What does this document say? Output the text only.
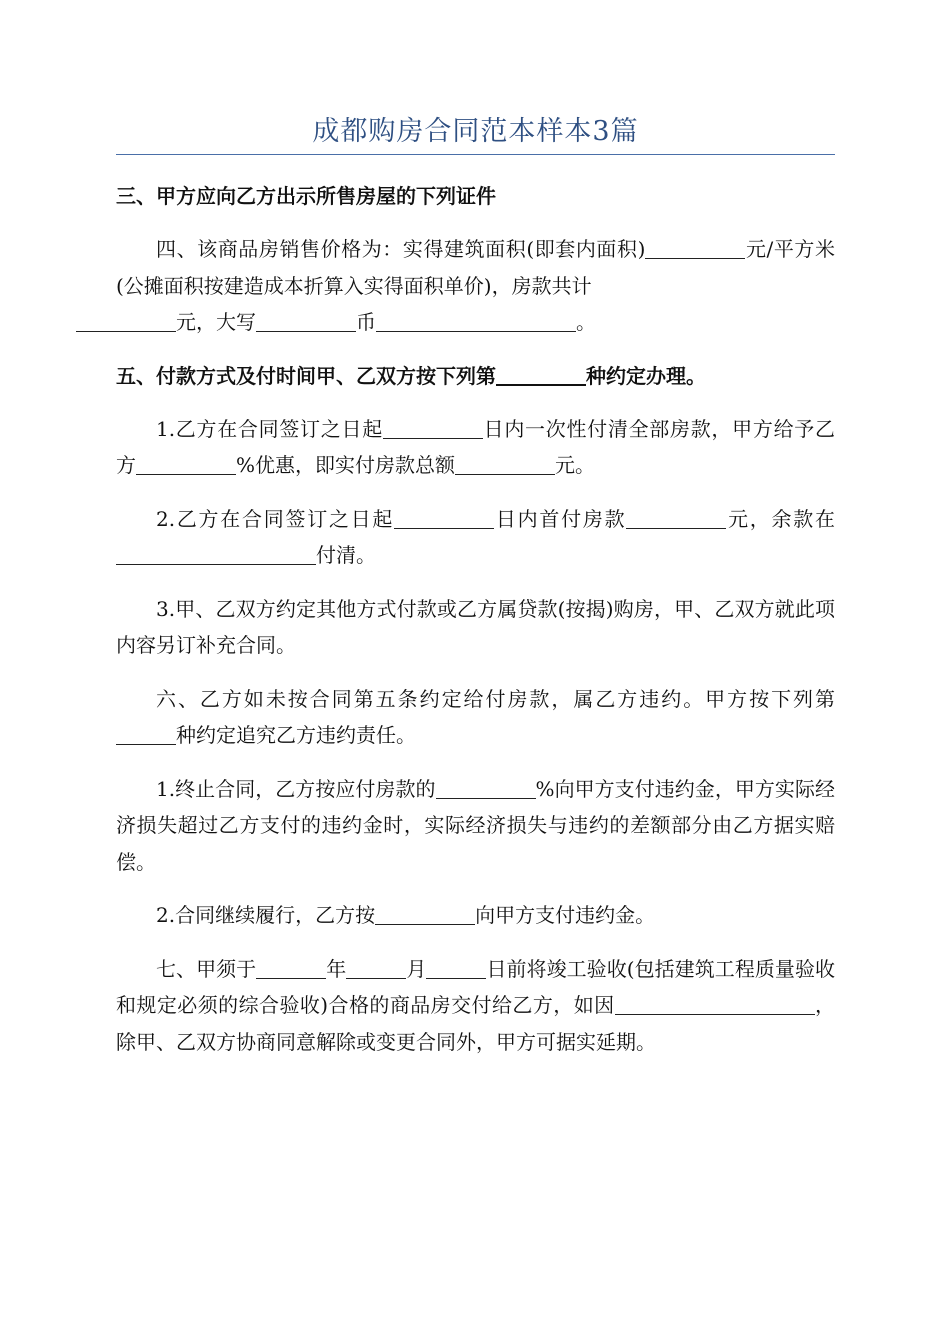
成都购房合同范本样本3篇

三、甲方应向乙方出示所售房屋的下列证件

四、该商品房销售价格为：实得建筑面积(即套内面积)	元/平方米(公摊面积按建造成本折算入实得面积单价)，房款共计
元，大写	币	。

五、付款方式及付时间甲、乙双方按下列第	种约定办理。

1.乙方在合同签订之日起	日内一次性付清全部房款，甲方给予乙方	%优惠，即实付房款总额	元。

2.乙方在合同签订之日起	日内首付房款	元，余款在付清。

3.甲、乙双方约定其他方式付款或乙方属贷款(按揭)购房，甲、乙双方就此项内容另订补充合同。

六、乙方如未按合同第五条约定给付房款，属乙方违约。甲方按下列第种约定追究乙方违约责任。

1.终止合同，乙方按应付房款的	%向甲方支付违约金，甲方实际经济损失超过乙方支付的违约金时，实际经济损失与违约的差额部分由乙方据实赔偿。

2.合同继续履行，乙方按	向甲方支付违约金。

七、甲须于	年	月	日前将竣工验收(包括建筑工程质量验收和规定必须的综合验收)合格的商品房交付给乙方，如因	，除甲、乙双方协商同意解除或变更合同外，甲方可据实延期。
